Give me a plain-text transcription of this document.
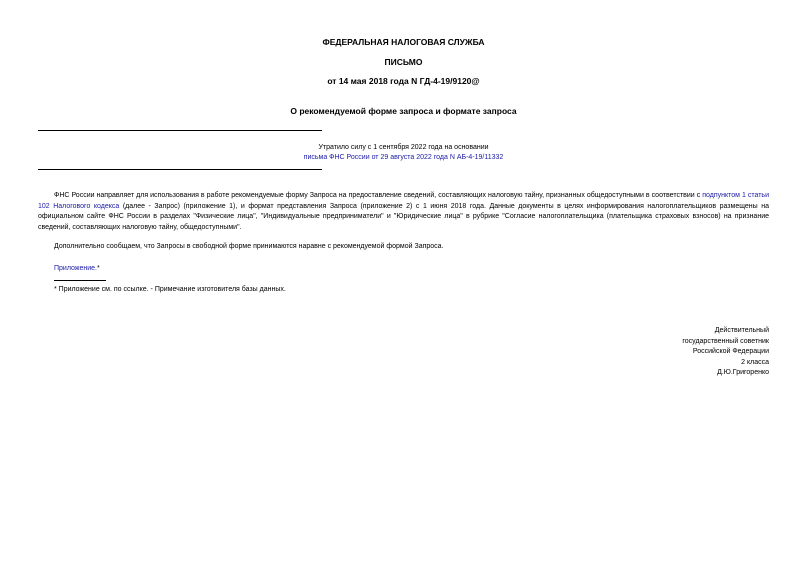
ФЕДЕРАЛЬНАЯ НАЛОГОВАЯ СЛУЖБА
ПИСЬМО
от 14 мая 2018 года N ГД-4-19/9120@
О рекомендуемой форме запроса и формате запроса
Утратило силу с 1 сентября 2022 года на основании
письма ФНС России от 29 августа 2022 года N АБ-4-19/11332
ФНС России направляет для использования в работе рекомендуемые форму Запроса на предоставление сведений, составляющих налоговую тайну, признанных общедоступными в соответствии с подпунктом 1 статьи 102 Налогового кодекса (далее - Запрос) (приложение 1), и формат представления Запроса (приложение 2) с 1 июня 2018 года. Данные документы в целях информирования налогоплательщиков размещены на официальном сайте ФНС России в разделах "Физические лица", "Индивидуальные предприниматели" и "Юридические лица" в рубрике "Согласие налогоплательщика (плательщика страховых взносов) на признание сведений, составляющих налоговую тайну, общедоступными".
Дополнительно сообщаем, что Запросы в свободной форме принимаются наравне с рекомендуемой формой Запроса.
Приложение.*
* Приложение см. по ссылке. - Примечание изготовителя базы данных.
Действительный
государственный советник
Российской Федерации
2 класса
Д.Ю.Григоренко
